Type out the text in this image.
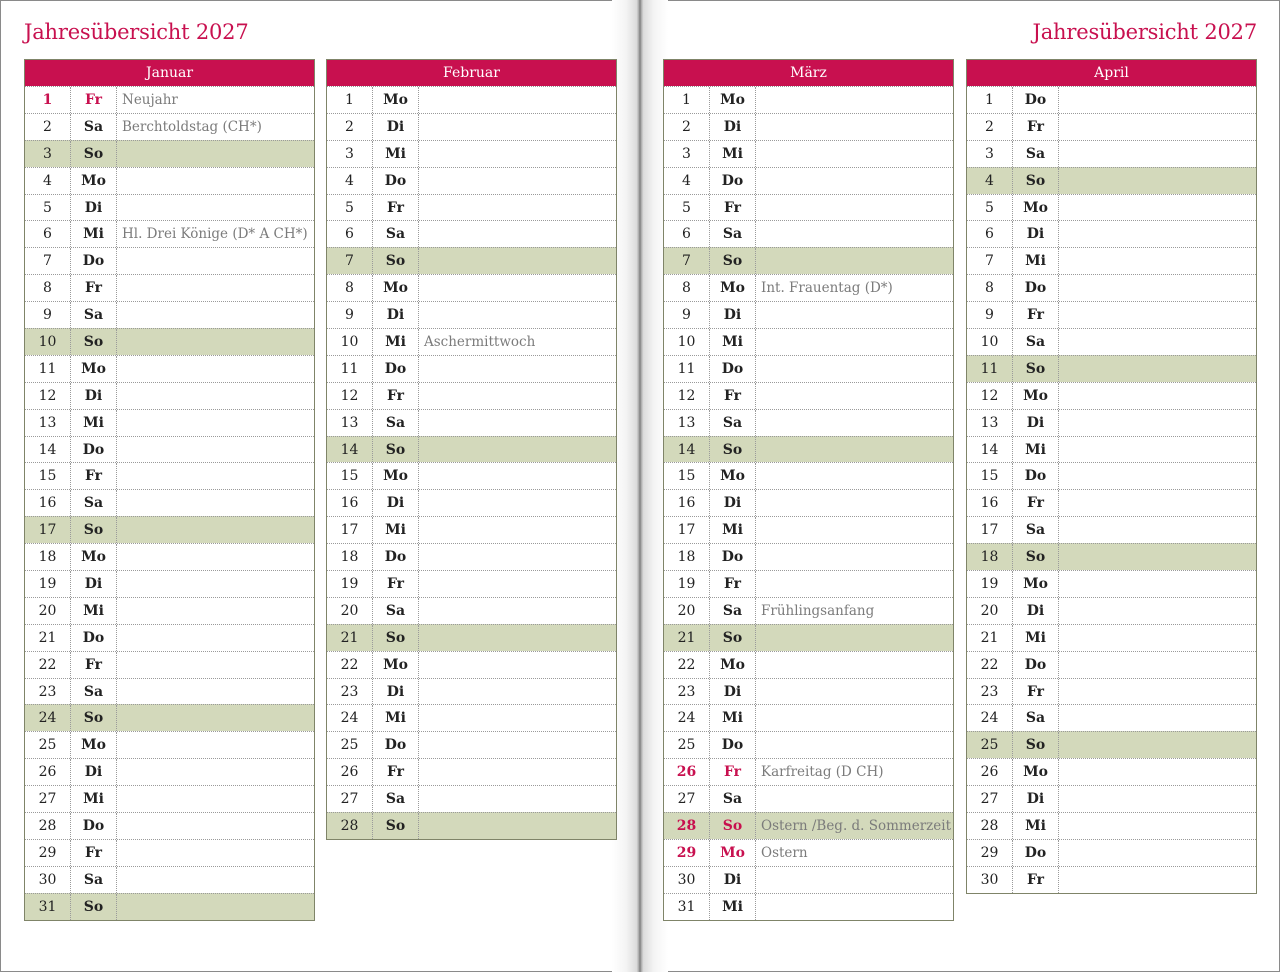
Jahresübersicht 2027	Jahresübersicht 2027
Januar
1	Fr	Neujahr
2	Sa	Berchtoldstag (CH*)
3	So
4	Mo
5	Di
6	Mi	Hl. Drei Könige (D* A CH*)
7	Do
8	Fr
9	Sa
10	So
11	Mo
12	Di
13	Mi
14	Do
15	Fr
16	Sa
17	So
18	Mo
19	Di
20	Mi
21	Do
22	Fr
23	Sa
24	So
25	Mo
26	Di
27	Mi
28	Do
29	Fr
30	Sa
31	So
Februar
1	Mo
2	Di
3	Mi
4	Do
5	Fr
6	Sa
7	So
8	Mo
9	Di
10	Mi	Aschermittwoch
11	Do
12	Fr
13	Sa
14	So
15	Mo
16	Di
17	Mi
18	Do
19	Fr
20	Sa
21	So
22	Mo
23	Di
24	Mi
25	Do
26	Fr
27	Sa
28	So
März
1	Mo
2	Di
3	Mi
4	Do
5	Fr
6	Sa
7	So
8	Mo	Int. Frauentag (D*)
9	Di
10	Mi
11	Do
12	Fr
13	Sa
14	So
15	Mo
16	Di
17	Mi
18	Do
19	Fr
20	Sa	Frühlingsanfang
21	So
22	Mo
23	Di
24	Mi
25	Do
26	Fr	Karfreitag (D CH)
27	Sa
28	So	Ostern /Beg. d. Sommerzeit
29	Mo	Ostern
30	Di
31	Mi
April
1	Do
2	Fr
3	Sa
4	So
5	Mo
6	Di
7	Mi
8	Do
9	Fr
10	Sa
11	So
12	Mo
13	Di
14	Mi
15	Do
16	Fr
17	Sa
18	So
19	Mo
20	Di
21	Mi
22	Do
23	Fr
24	Sa
25	So
26	Mo
27	Di
28	Mi
29	Do
30	Fr
